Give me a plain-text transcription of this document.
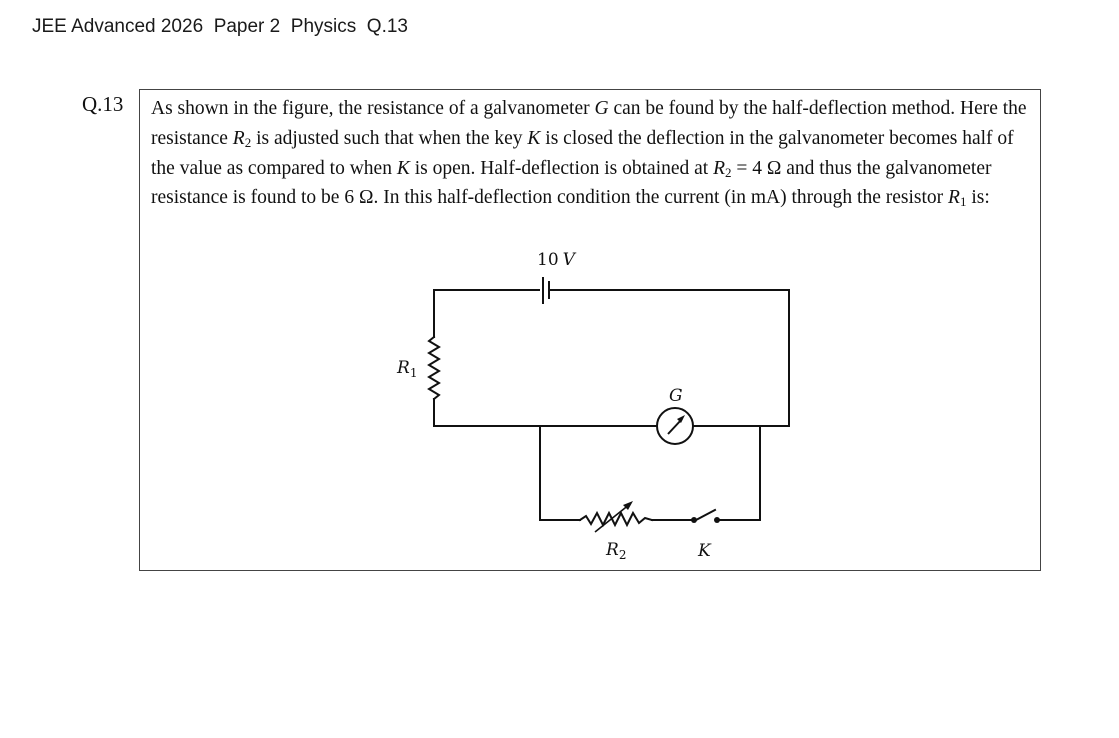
JEE Advanced 2026  Paper 2  Physics  Q.13
Q.13 As shown in the figure, the resistance of a galvanometer G can be found by the half-deflection method. Here the resistance $R_2$ is adjusted such that when the key K is closed the deflection in the galvanometer becomes half of the value as compared to when K is open. Half-deflection is obtained at $R_2 = 4$ Ω and thus the galvanometer resistance is found to be 6 Ω. In this half-deflection condition the current (in mA) through the resistor $R_1$ is:
10 V
$R_1$
G
$R_2$	K
